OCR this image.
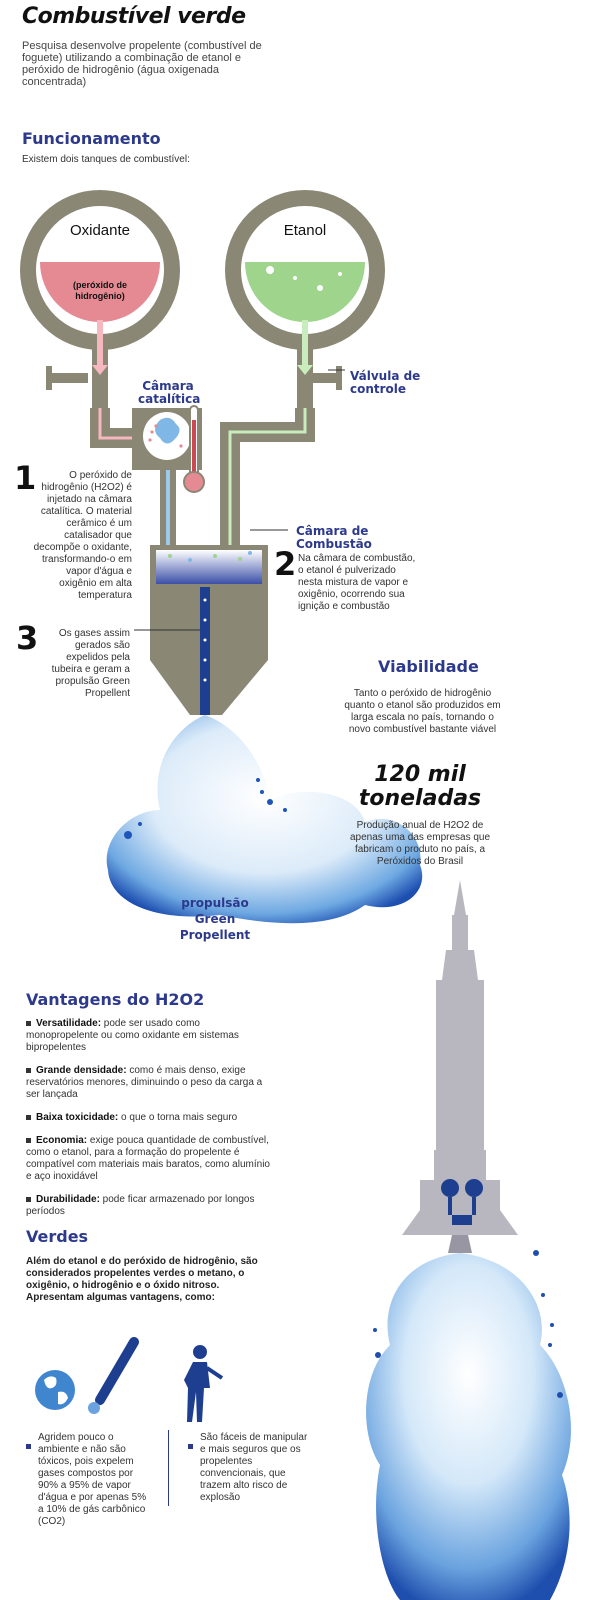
Combustível verde
Pesquisa desenvolve propelente (combustível de foguete) utilizando a combinação de etanol e peróxido de hidrogênio (água oxigenada concentrada)
Funcionamento
Existem dois tanques de combustível:
Oxidante
(peróxido de hidrogênio)
Etanol
Câmara catalítica
Válvula de controle
Câmara de Combustão
propulsão Green Propellent
1	O peróxido de hidrogênio (H2O2) é injetado na câmara catalítica. O material cerâmico é um catalisador que decompõe o oxidante, transformando-o em vapor d'água e oxigênio em alta temperatura
2 Na câmara de combustão, o etanol é pulverizado nesta mistura de vapor e oxigênio, ocorrendo sua ignição e combustão
3	Os gases assim gerados são expelidos pela tubeira e geram a propulsão Green Propellent
Viabilidade
Tanto o peróxido de hidrogênio quanto o etanol são produzidos em larga escala no país, tornando o novo combustível bastante viável
120 mil
toneladas
Produção anual de H2O2 de apenas uma das empresas que fabricam o produto no país, a Peróxidos do Brasil
Vantagens do H2O2

Versatilidade: pode ser usado como monopropelente ou como oxidante em sistemas bipropelentes

Grande densidade: como é mais denso, exige reservatórios menores, diminuindo o peso da carga a ser lançada

Baixa toxicidade: o que o torna mais seguro

Economia: exige pouca quantidade de combustível, como o etanol, para a formação do propelente é compatível com materiais mais baratos, como alumínio e aço inoxidável

Durabilidade: pode ficar armazenado por longos períodos

Verdes
Além do etanol e do peróxido de hidrogênio, são considerados propelentes verdes o metano, o oxigênio, o hidrogênio e o óxido nitroso. Apresentam algumas vantagens, como:
Agridem pouco o ambiente e não são tóxicos, pois expelem gases compostos por 90% a 95% de vapor d'água e por apenas 5% a 10% de gás carbônico (CO2)
São fáceis de manipular e mais seguros que os propelentes convencionais, que trazem alto risco de explosão
